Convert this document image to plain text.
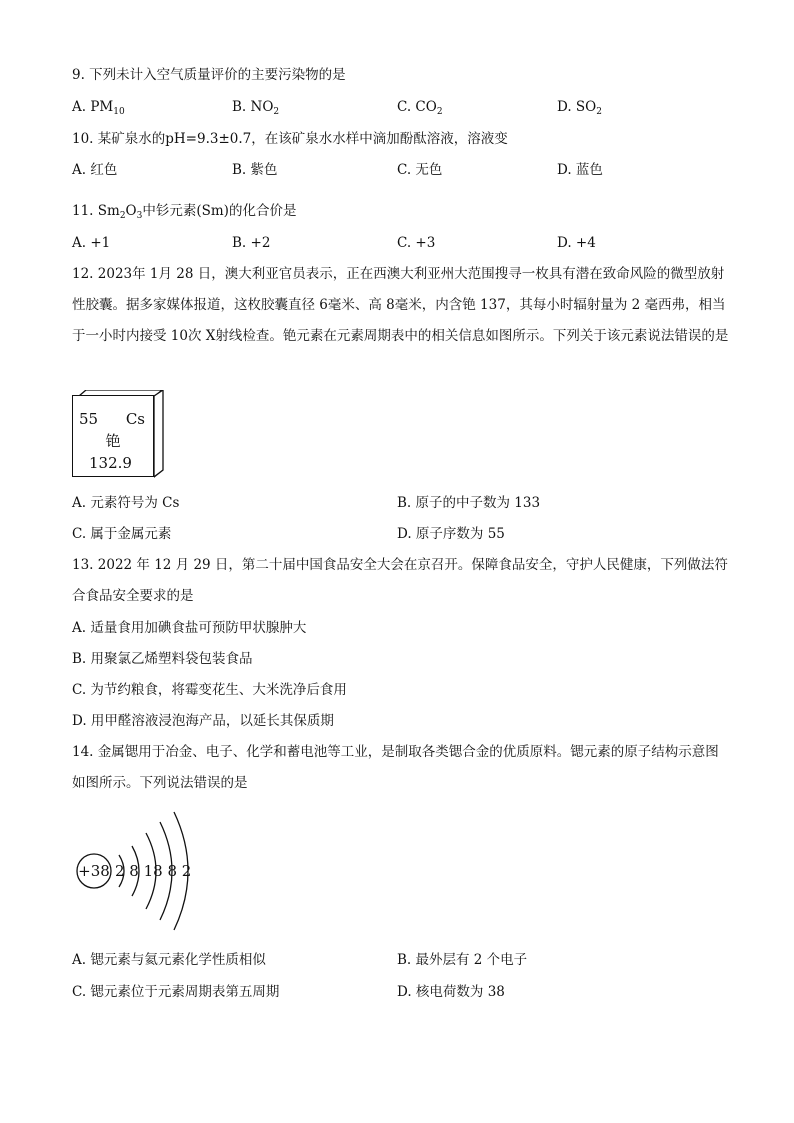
9. 下列未计入空气质量评价的主要污染物的是
A. $PM_{10}$	B. $NO_2$	C. $CO_2$	D. $SO_2$
10. 某矿泉水的pH=9.3±0.7，在该矿泉水水样中滴加酚酞溶液，溶液变
A. 红色	B. 紫色	C. 无色	D. 蓝色
11. $Sm_2O_3$中钐元素(Sm)的化合价是
A. +1	B. +2	C. +3	D. +4
12. 2023年 1月 28 日，澳大利亚官员表示，正在西澳大利亚州大范围搜寻一枚具有潜在致命风险的微型放射性胶囊。据多家媒体报道，这枚胶囊直径 6毫米、高 8毫米，内含铯 137，其每小时辐射量为 2 毫西弗，相当于一小时内接受 10次 X射线检查。铯元素在元素周期表中的相关信息如图所示。下列关于该元素说法错误的是
55 Cs
铯
132.9
A. 元素符号为 Cs	B. 原子的中子数为 133
C. 属于金属元素	D. 原子序数为 55
13. 2022 年 12 月 29 日，第二十届中国食品安全大会在京召开。保障食品安全，守护人民健康，下列做法符合食品安全要求的是
A. 适量食用加碘食盐可预防甲状腺肿大
B. 用聚氯乙烯塑料袋包装食品
C. 为节约粮食，将霉变花生、大米洗净后食用
D. 用甲醛溶液浸泡海产品，以延长其保质期
14. 金属锶用于冶金、电子、化学和蓄电池等工业，是制取各类锶合金的优质原料。锶元素的原子结构示意图如图所示。下列说法错误的是
+38 2 8 18 8 2
A. 锶元素与氦元素化学性质相似	B. 最外层有 2 个电子
C. 锶元素位于元素周期表第五周期	D. 核电荷数为 38
